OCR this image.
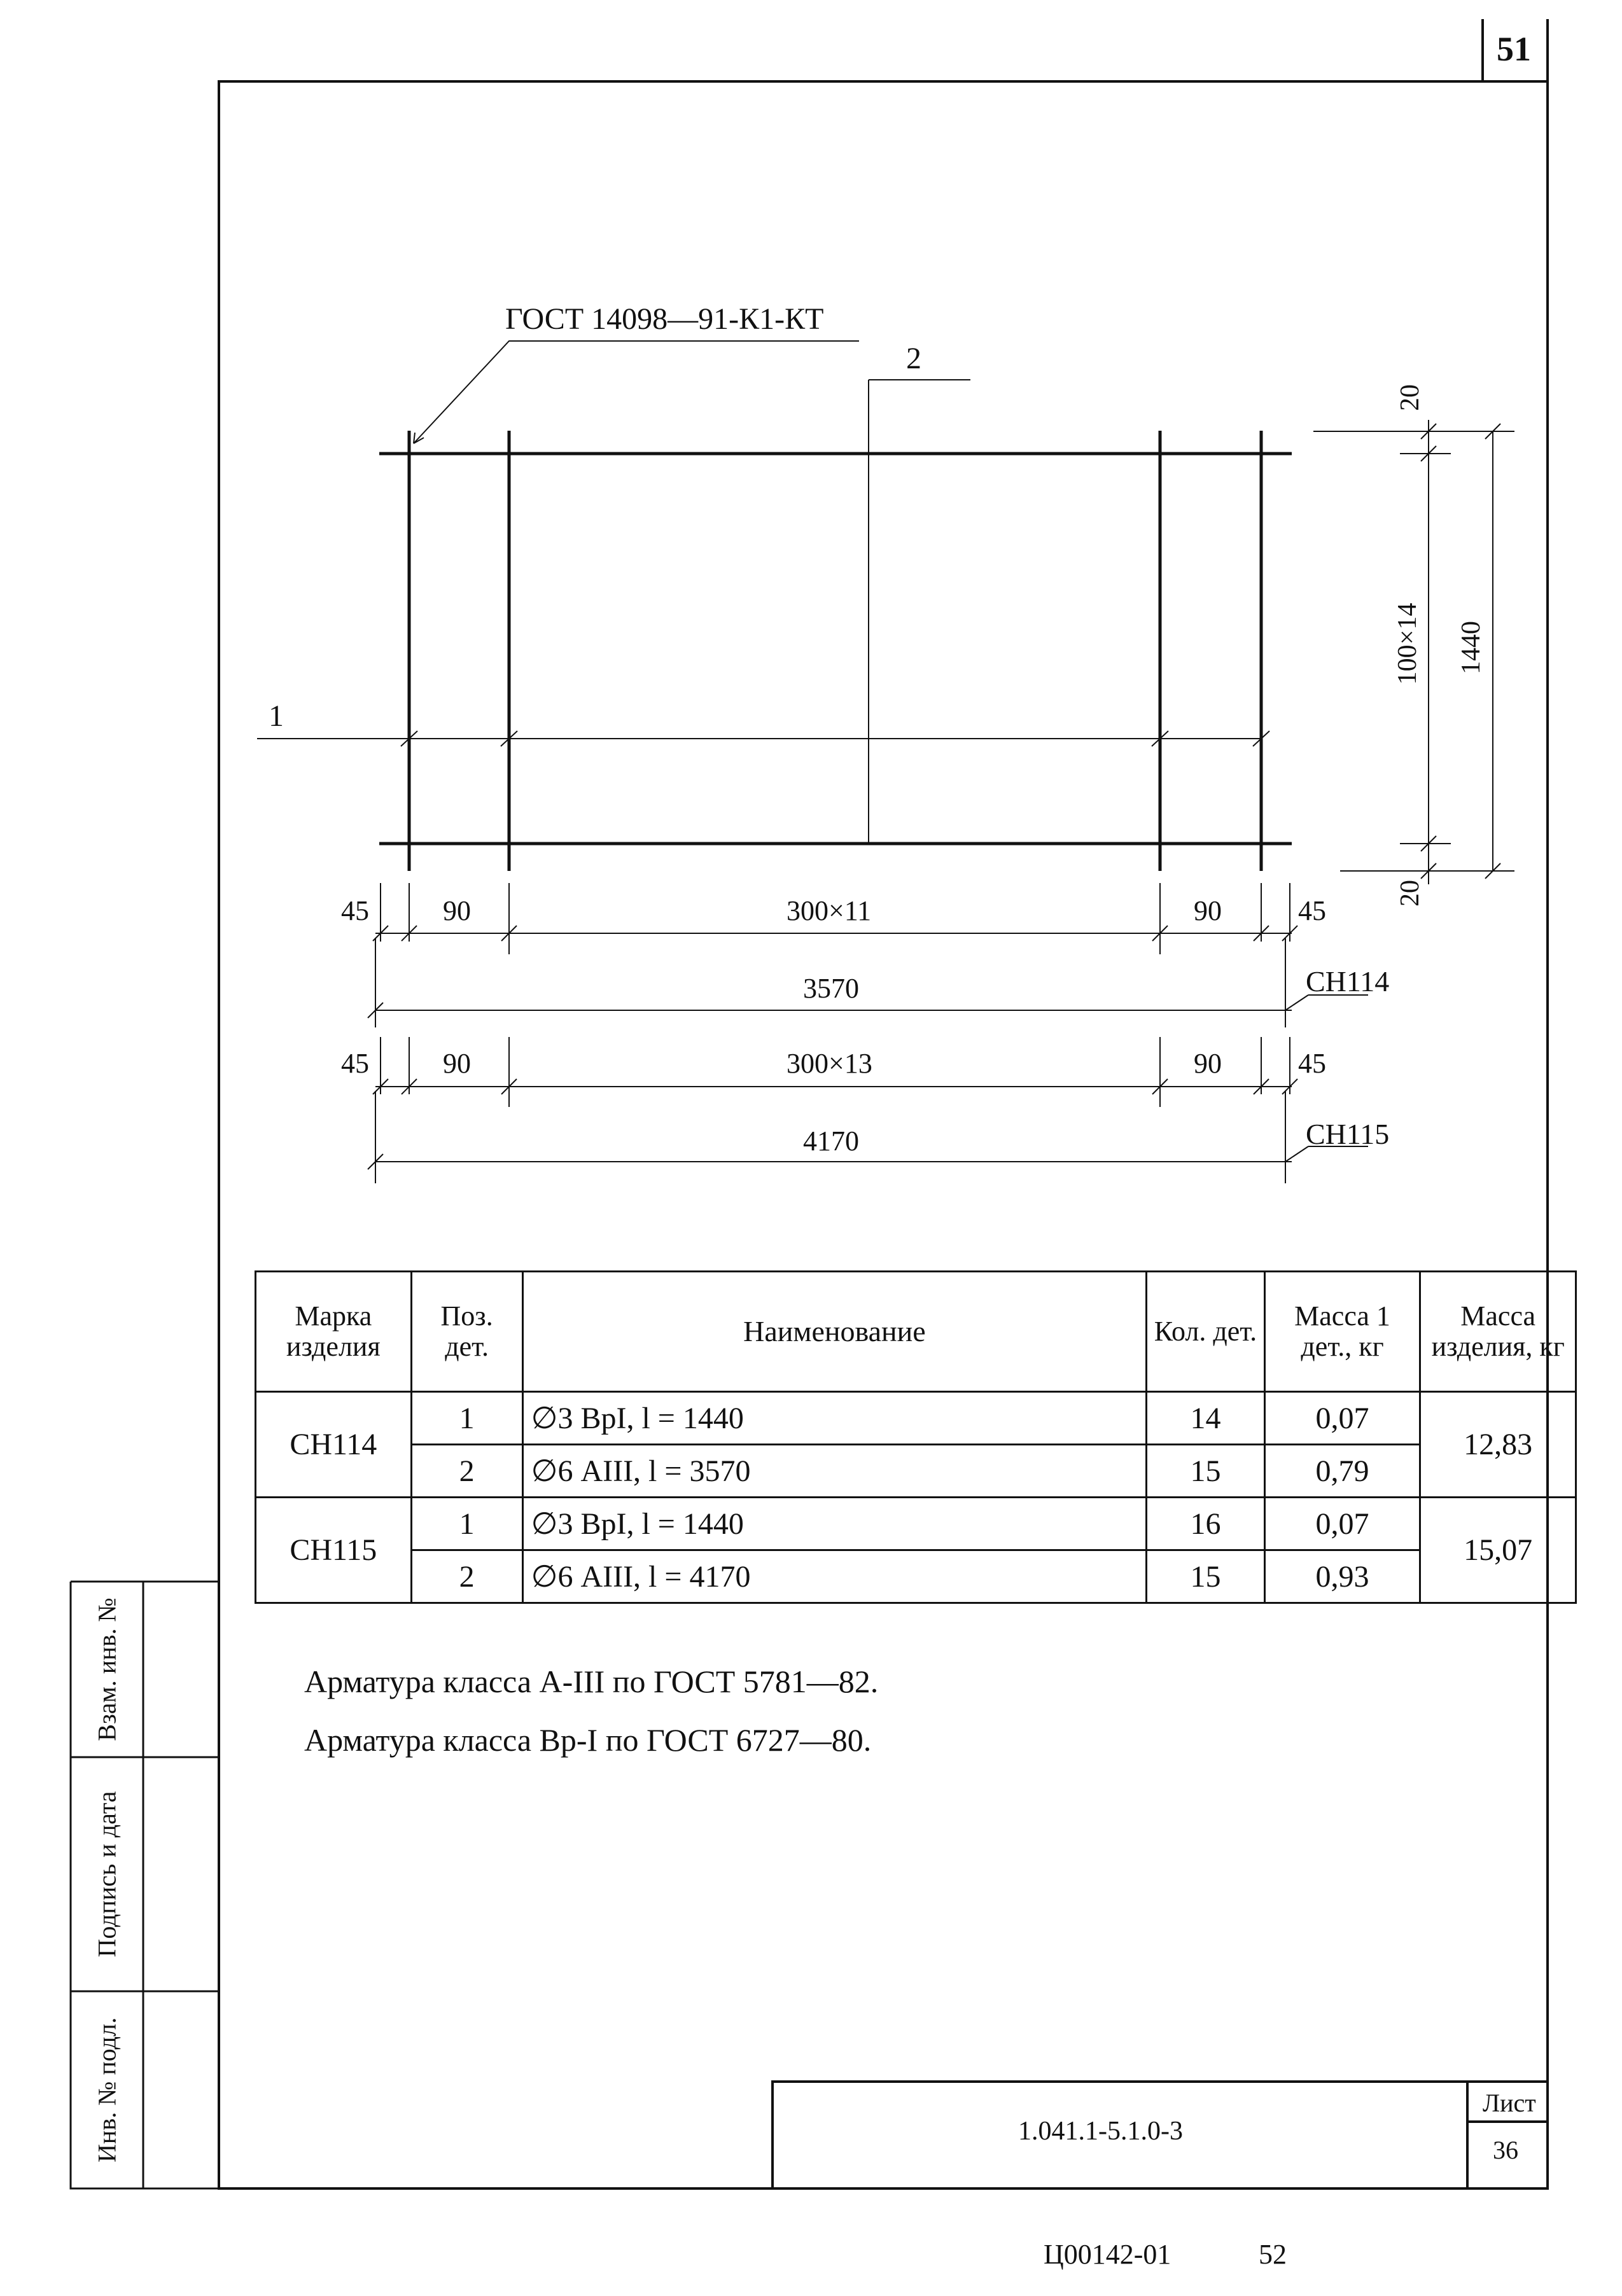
51
ГОСТ 14098—91-К1-КТ
2
1
20
100×14 1440
20
45	90	300×11	90	45
3570	СН114
45	90	300×13	90	45
4170	СН115
Марка изделия	Поз. дет.	Наименование	Кол. дет.	Масса 1 дет., кг	Масса изделия, кг
СН114	1	∅3 ВрI, l = 1440	14	0,07	12,83
	2	∅6 АIII, l = 3570	15	0,79	
СН115	1	∅3 ВрI, l = 1440	16	0,07	15,07
	2	∅6 АIII, l = 4170	15	0,93	
Арматура класса А-III по ГОСТ 5781—82.
Арматура класса Вр-I по ГОСТ 6727—80.
Взам. инв. №
Подпись и дата
Инв. № подл.	1.041.1-5.1.0-3
Лист
36
Ц00142-01	52
